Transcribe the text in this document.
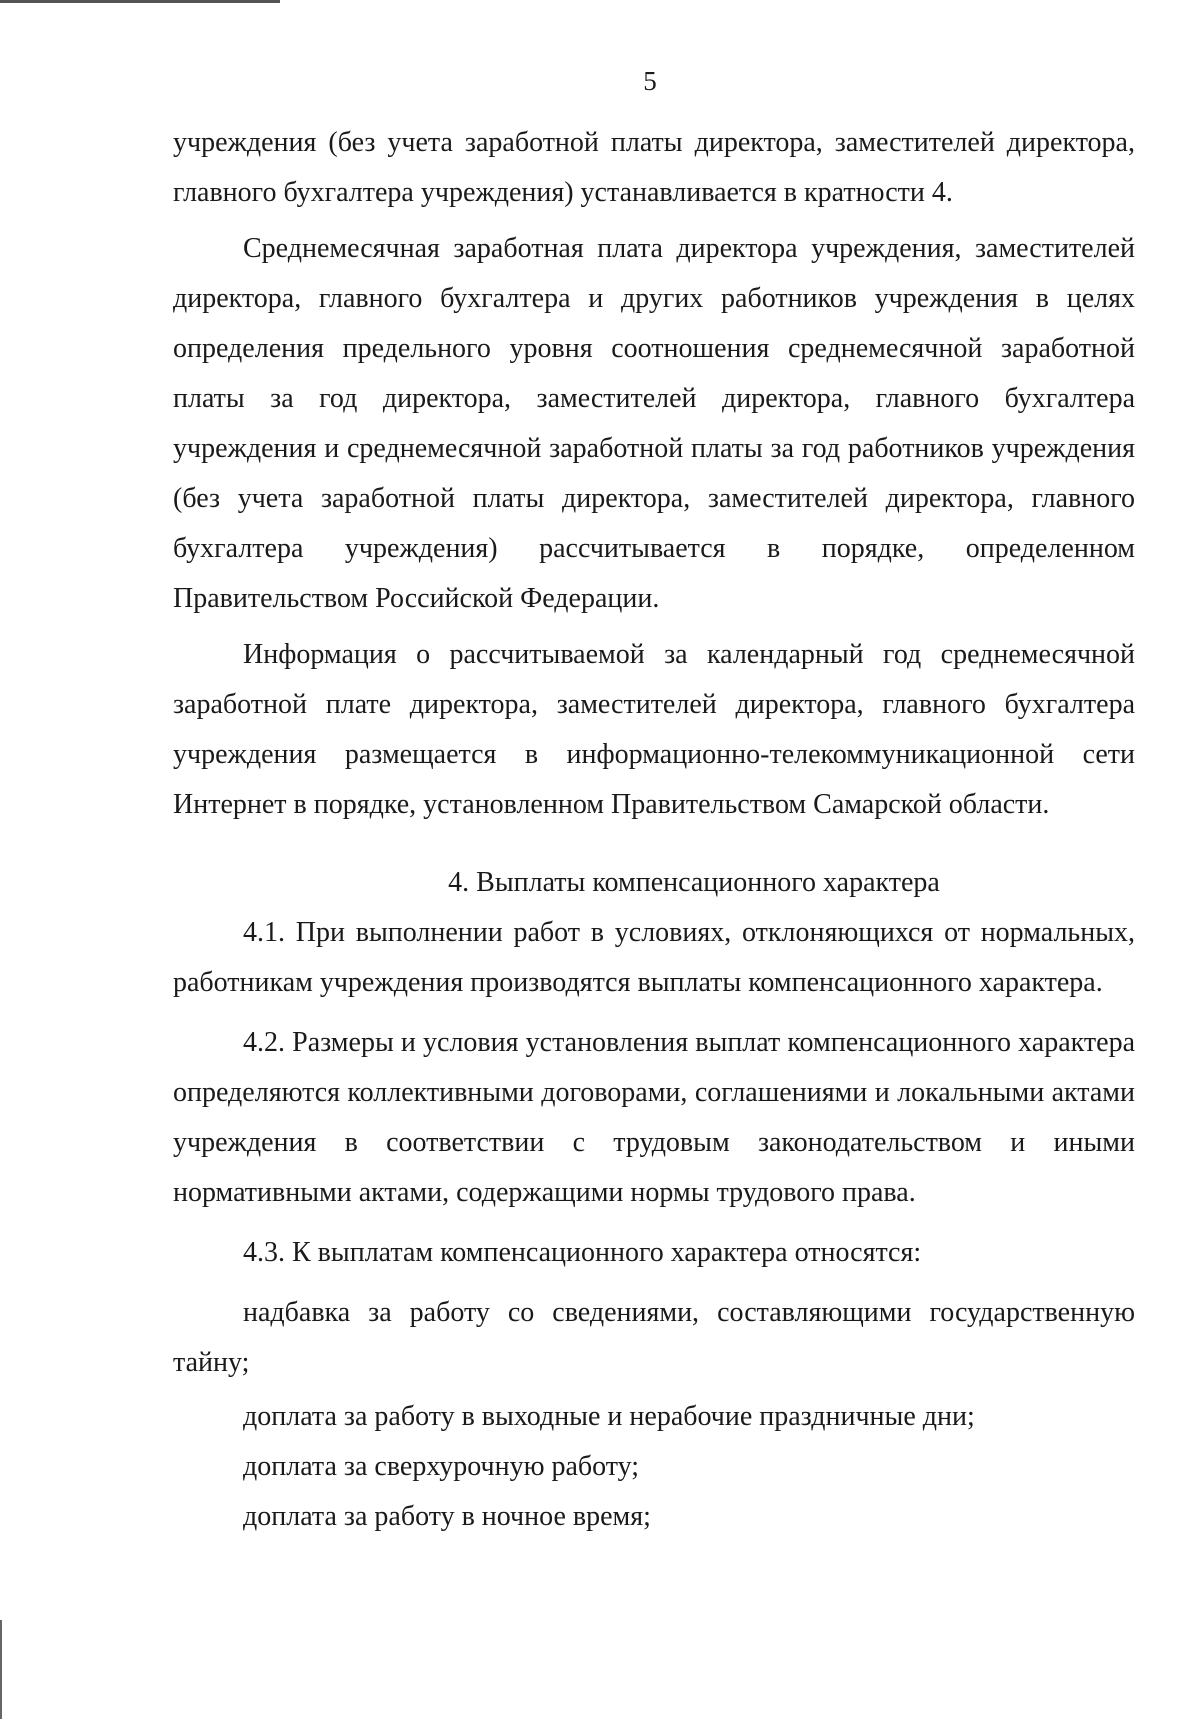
5

учреждения (без учета заработной платы директора, заместителей директора, главного бухгалтера учреждения) устанавливается в кратности 4.

Среднемесячная заработная плата директора учреждения, заместителей директора, главного бухгалтера и других работников учреждения в целях определения предельного уровня соотношения среднемесячной заработной платы за год директора, заместителей директора, главного бухгалтера учреждения и среднемесячной заработной платы за год работников учреждения (без учета заработной платы директора, заместителей директора, главного бухгалтера учреждения) рассчитывается в порядке, определенном Правительством Российской Федерации.

Информация о рассчитываемой за календарный год среднемесячной заработной плате директора, заместителей директора, главного бухгалтера учреждения размещается в информационно-телекоммуникационной сети Интернет в порядке, установленном Правительством Самарской области.

4. Выплаты компенсационного характера

4.1. При выполнении работ в условиях, отклоняющихся от нормальных, работникам учреждения производятся выплаты компенсационного характера.

4.2. Размеры и условия установления выплат компенсационного характера определяются коллективными договорами, соглашениями и локальными актами учреждения в соответствии с трудовым законодательством и иными нормативными актами, содержащими нормы трудового права.

4.3. К выплатам компенсационного характера относятся:

надбавка за работу со сведениями, составляющими государственную тайну;

доплата за работу в выходные и нерабочие праздничные дни;

доплата за сверхурочную работу;

доплата за работу в ночное время;
